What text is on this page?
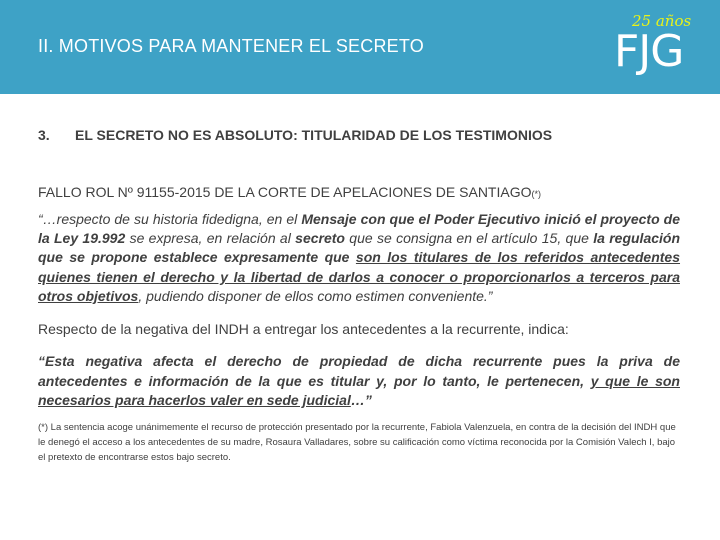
II. MOTIVOS PARA MANTENER EL SECRETO
25 años
FJG
3. EL SECRETO NO ES ABSOLUTO: TITULARIDAD DE LOS TESTIMONIOS
FALLO ROL Nº 91155-2015 DE LA CORTE DE APELACIONES DE SANTIAGO(*)
“…respecto de su historia fidedigna, en el Mensaje con que el Poder Ejecutivo inició el proyecto de la Ley 19.992 se expresa, en relación al secreto que se consigna en el artículo 15, que la regulación que se propone establece expresamente que son los titulares de los referidos antecedentes quienes tienen el derecho y la libertad de darlos a conocer o proporcionarlos a terceros para otros objetivos, pudiendo disponer de ellos como estimen conveniente.”
Respecto de la negativa del INDH a entregar los antecedentes a la recurrente, indica:
“Esta negativa afecta el derecho de propiedad de dicha recurrente pues la priva de antecedentes e información de la que es titular y, por lo tanto, le pertenecen, y que le son necesarios para hacerlos valer en sede judicial…”
(*) La sentencia acoge unánimemente el recurso de protección presentado por la recurrente, Fabiola Valenzuela, en contra de la decisión del INDH que le denegó el acceso a los antecedentes de su madre, Rosaura Valladares, sobre su calificación como víctima reconocida por la Comisión Valech I, bajo el pretexto de encontrarse estos bajo secreto.
